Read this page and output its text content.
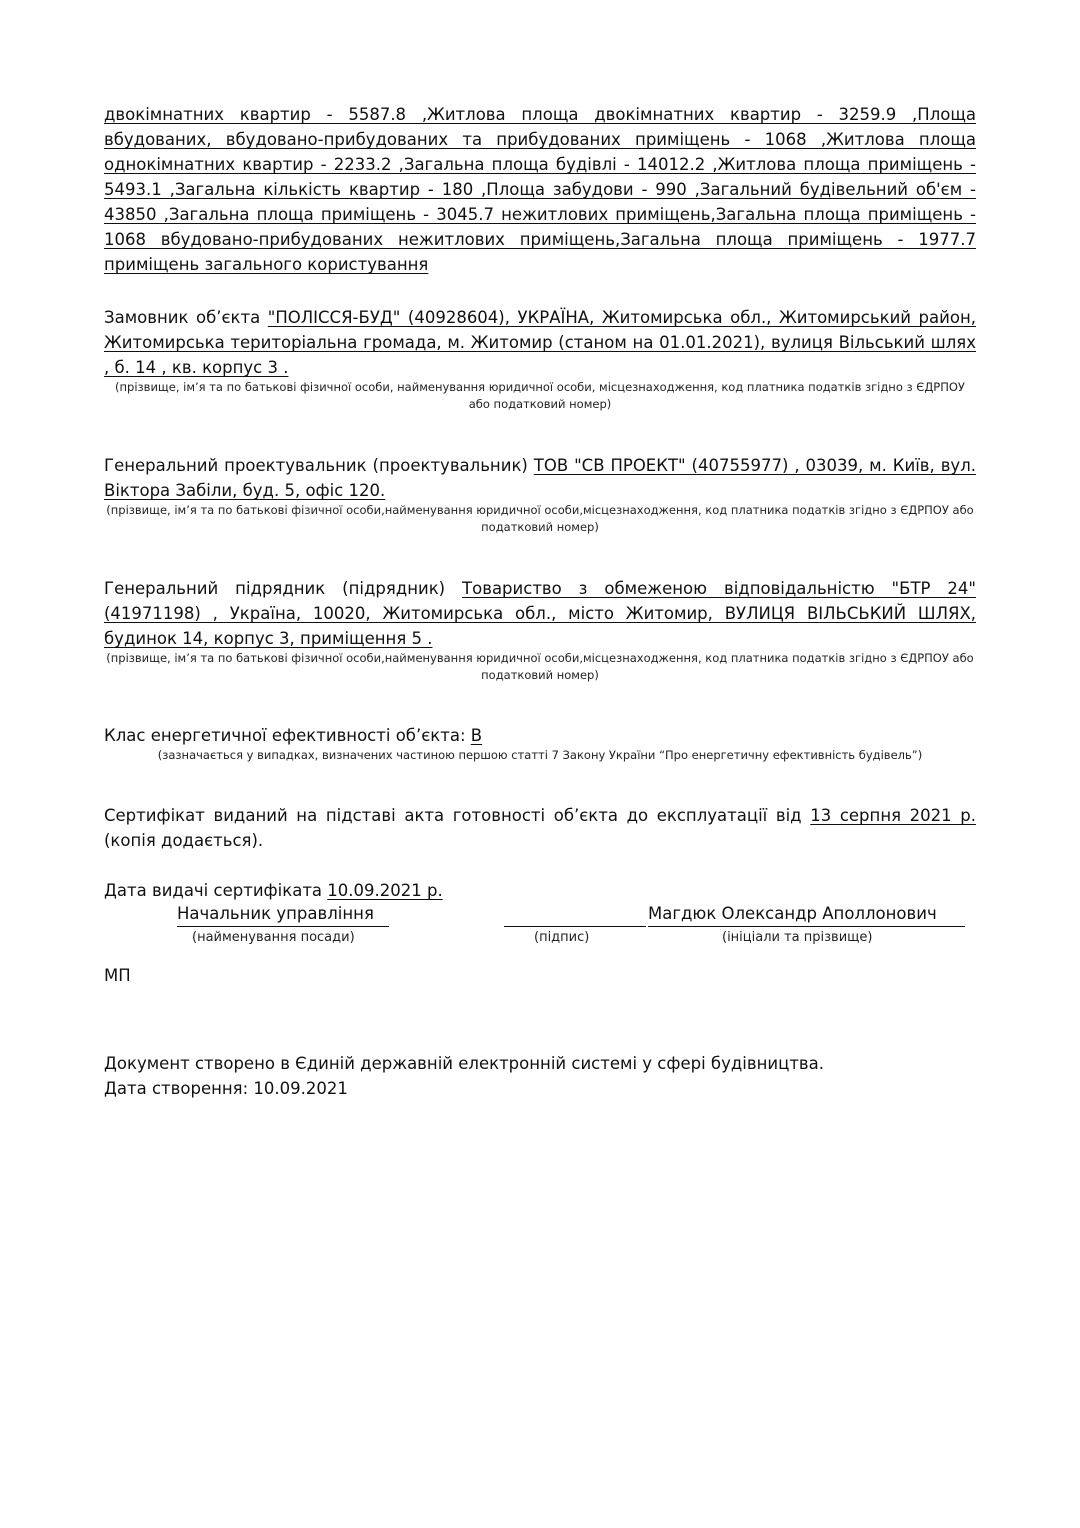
двокімнатних квартир - 5587.8 ,Житлова площа двокімнатних квартир - 3259.9 ,Площа вбудованих, вбудовано-прибудованих та прибудованих приміщень - 1068 ,Житлова площа однокімнатних квартир - 2233.2 ,Загальна площа будівлі - 14012.2 ,Житлова площа приміщень - 5493.1 ,Загальна кількість квартир - 180 ,Площа забудови - 990 ,Загальний будівельний об'єм - 43850 ,Загальна площа приміщень - 3045.7 нежитлових приміщень,Загальна площа приміщень - 1068 вбудовано-прибудованих нежитлових приміщень,Загальна площа приміщень - 1977.7 приміщень загального користування

Замовник об’єкта "ПОЛІССЯ-БУД" (40928604), УКРАЇНА, Житомирська обл., Житомирський район, Житомирська територіальна громада, м. Житомир (станом на 01.01.2021), вулиця Вільський шлях , б. 14 , кв. корпус 3 .

(прізвище, ім’я та по батькові фізичної особи, найменування юридичної особи, місцезнаходження, код платника податків згідно з ЄДРПОУ або податковий номер)

Генеральний проектувальник (проектувальник) ТОВ "СВ ПРОЕКТ" (40755977) , 03039, м. Київ, вул. Віктора Забіли, буд. 5, офіс 120.

(прізвище, ім’я та по батькові фізичної особи,найменування юридичної особи,місцезнаходження, код платника податків згідно з ЄДРПОУ або податковий номер)

Генеральний підрядник (підрядник) Товариство з обмеженою відповідальністю "БТР 24" (41971198) , Україна, 10020, Житомирська обл., місто Житомир, ВУЛИЦЯ ВІЛЬСЬКИЙ ШЛЯХ, будинок 14, корпус 3, приміщення 5 .

(прізвище, ім’я та по батькові фізичної особи,найменування юридичної особи,місцезнаходження, код платника податків згідно з ЄДРПОУ або податковий номер)

Клас енергетичної ефективності об’єкта: B

(зазначається у випадках, визначених частиною першою статті 7 Закону України “Про енергетичну ефективність будівель”)

Сертифікат виданий на підставі акта готовності об’єкта до експлуатації від 13 серпня 2021 р. (копія додається).

Дата видачі сертифіката 10.09.2021 р.

Начальник управління	Магдюк Олександр Аполлонович
(найменування посади)	(підпис)	(ініціали та прізвище)

МП

Документ створено в Єдиній державній електронній системі у сфері будівництва.

Дата створення: 10.09.2021
